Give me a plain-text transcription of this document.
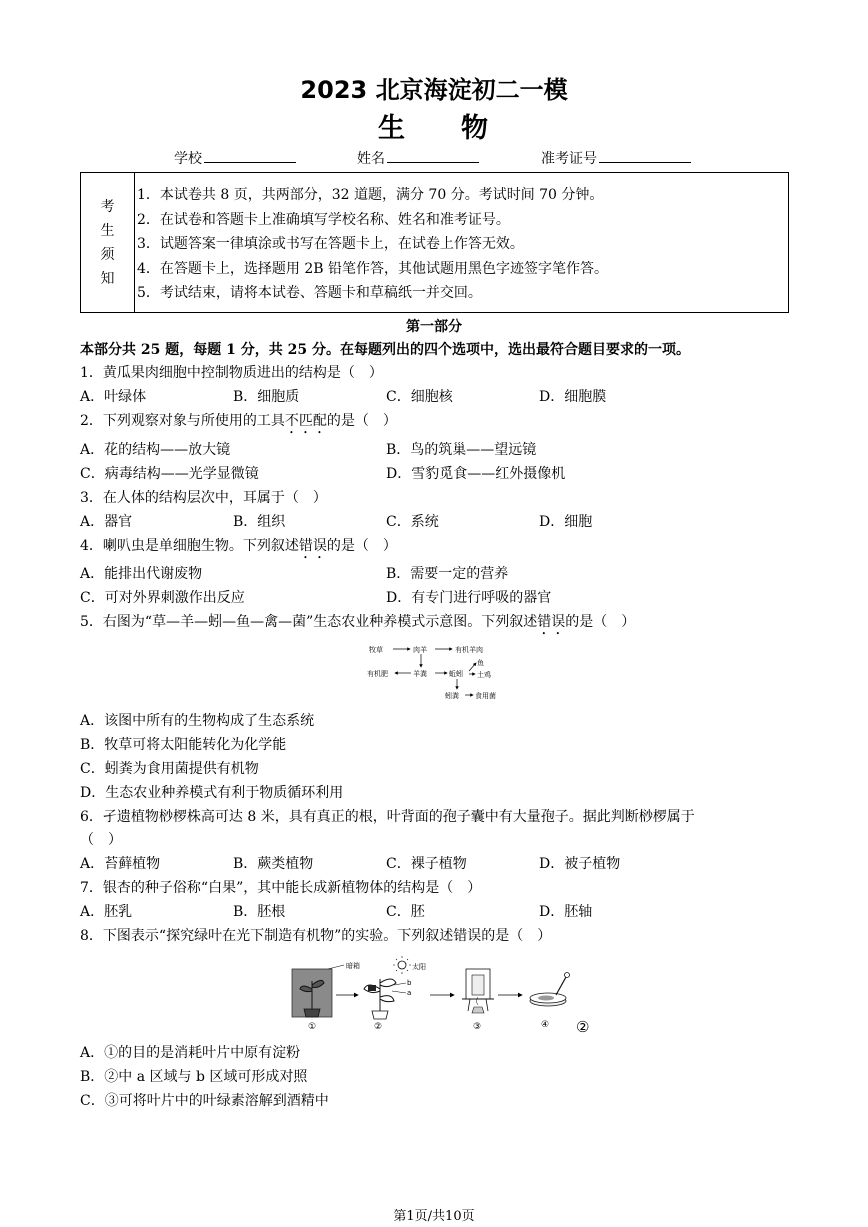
2023 北京海淀初二一模
生 物
学校	姓名	准考证号
考
生
须
知
1．本试卷共 8 页，共两部分，32 道题，满分 70 分。考试时间 70 分钟。
2．在试卷和答题卡上准确填写学校名称、姓名和准考证号。
3．试题答案一律填涂或书写在答题卡上，在试卷上作答无效。
4．在答题卡上，选择题用 2B 铅笔作答，其他试题用黑色字迹签字笔作答。
5．考试结束，请将本试卷、答题卡和草稿纸一并交回。
第一部分
本部分共 25 题，每题 1 分，共 25 分。在每题列出的四个选项中，选出最符合题目要求的一项。
1．黄瓜果肉细胞中控制物质进出的结构是（　）
A．叶绿体	B．细胞质	C．细胞核	D．细胞膜
2．下列观察对象与所使用的工具不匹配的是（　）
A．花的结构——放大镜	B．鸟的筑巢——望远镜
C．病毒结构——光学显微镜	D．雪豹觅食——红外摄像机
3．在人体的结构层次中，耳属于（　）
A．器官	B．组织	C．系统	D．细胞
4．喇叭虫是单细胞生物。下列叙述错误的是（　）
A．能排出代谢废物	B．需要一定的营养
C．可对外界刺激作出反应	D．有专门进行呼吸的器官
5．右图为“草—羊—蚓—鱼—禽—菌”生态农业种养模式示意图。下列叙述错误的是（　）
牧草	肉羊	有机羊肉
有机肥	羊粪	蚯蚓
鱼
土鸡
蚓粪 食用菌
A．该图中所有的生物构成了生态系统
B．牧草可将太阳能转化为化学能
C．蚓粪为食用菌提供有机物
D．生态农业种养模式有利于物质循环利用
6．孑遗植物桫椤株高可达 8 米，具有真正的根，叶背面的孢子囊中有大量孢子。据此判断桫椤属于
（　）
A．苔藓植物	B．蕨类植物	C．裸子植物	D．被子植物
7．银杏的种子俗称“白果”，其中能长成新植物体的结构是（　）
A．胚乳	B．胚根	C．胚	D．胚轴
8．下图表示“探究绿叶在光下制造有机物”的实验。下列叙述错误的是（　）
暗箱
①
太阳
b
a
②	③	④ ②
A．①的目的是消耗叶片中原有淀粉
B．②中 a 区域与 b 区域可形成对照
C．③可将叶片中的叶绿素溶解到酒精中
第1页/共10页
